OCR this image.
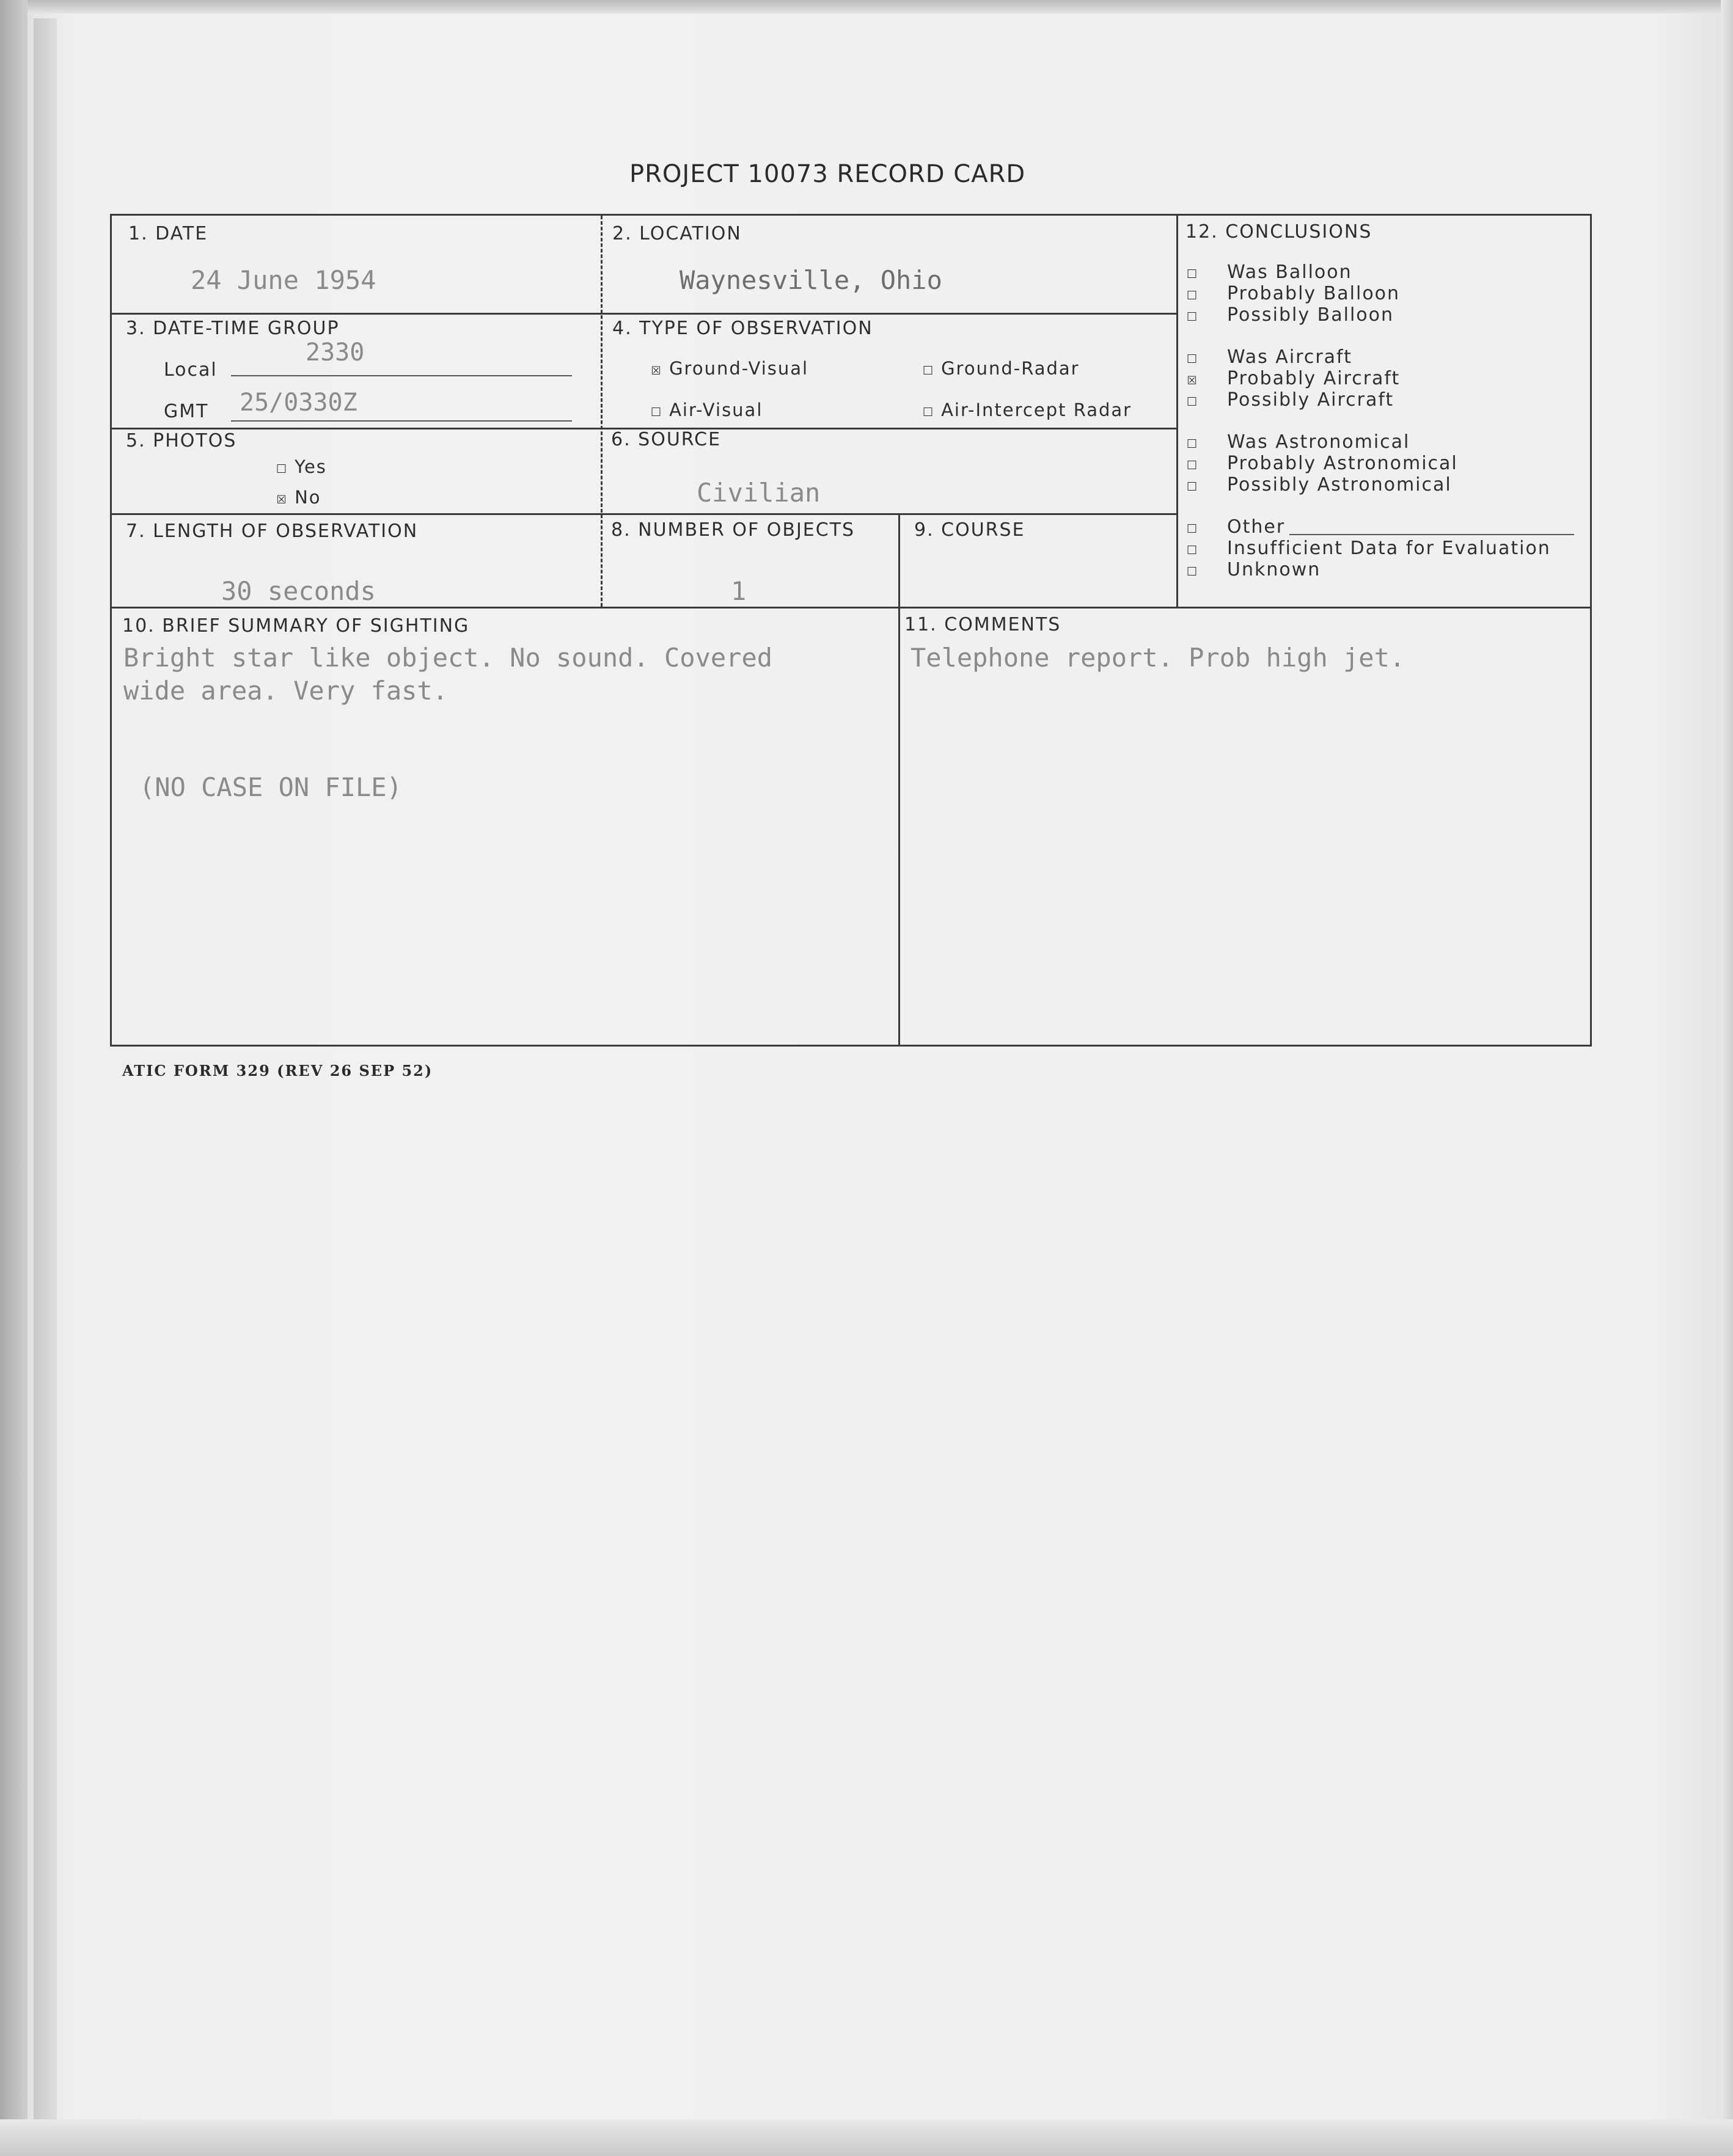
PROJECT 10073 RECORD CARD
1. DATE
24 June 1954
2. LOCATION
Waynesville, Ohio
3. DATE-TIME GROUP
Local
2330
GMT 25/0330Z
4. TYPE OF OBSERVATION
☒ Ground-Visual	☐ Ground-Radar
☐ Air-Visual	☐ Air-Intercept Radar
5. PHOTOS
☐ Yes
☒ No
6. SOURCE
Civilian
7. LENGTH OF OBSERVATION
30 seconds
8. NUMBER OF OBJECTS
1
9. COURSE
10. BRIEF SUMMARY OF SIGHTING
Bright star like object. No sound. Covered
wide area. Very fast.
(NO CASE ON FILE)
11. COMMENTS
Telephone report. Prob high jet.
12. CONCLUSIONS
☐ Was Balloon
☐ Probably Balloon
☐ Possibly Balloon
☐ Was Aircraft
☒ Probably Aircraft
☐ Possibly Aircraft
☐ Was Astronomical
☐ Probably Astronomical
☐ Possibly Astronomical
☐ Other
☐ Insufficient Data for Evaluation
☐ Unknown
ATIC FORM 329 (REV 26 SEP 52)
